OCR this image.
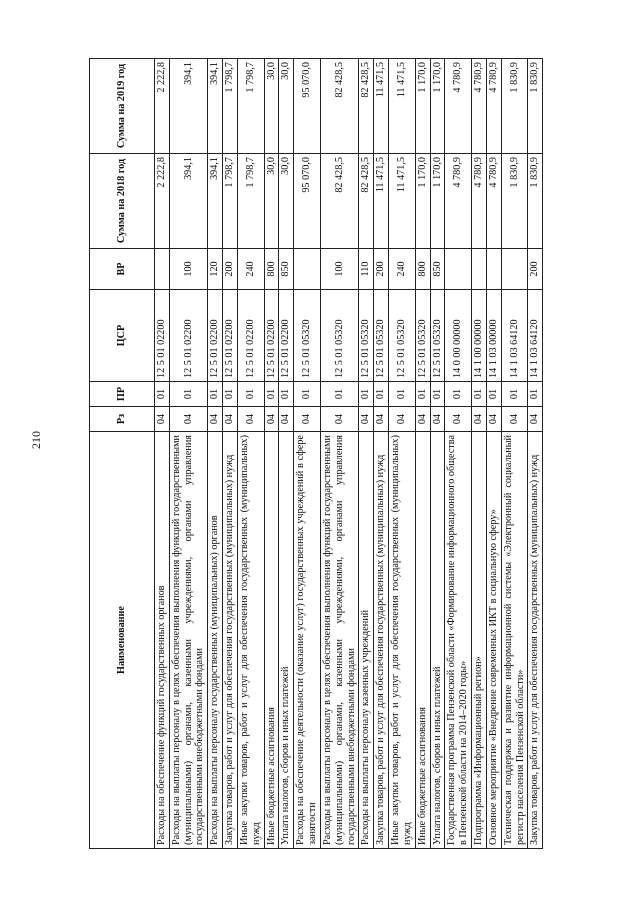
210
Наименование	Рз	ПР	ЦСР	ВР	Сумма на 2018 год	Сумма на 2019 год
Расходы на обеспечение функций государственных органов	04	01	12 5 01 02200		2 222,8	2 222,8
Расходы на выплаты персоналу в целях обеспечения выполнения функций государственными (муниципальными) органами, казенными учреждениями, органами управления государственными внебюджетными фондами	04	01	12 5 01 02200	100	394,1	394,1
Расходы на выплаты персоналу государственных (муниципальных) органов	04	01	12 5 01 02200	120	394,1	394,1
Закупка товаров, работ и услуг для обеспечения государственных (муниципальных) нужд	04	01	12 5 01 02200	200	1 798,7	1 798,7
Иные закупки товаров, работ и услуг для обеспечения государственных (муниципальных) нужд	04	01	12 5 01 02200	240	1 798,7	1 798,7
Иные бюджетные ассигнования	04	01	12 5 01 02200	800	30,0	30,0
Уплата налогов, сборов и иных платежей	04	01	12 5 01 02200	850	30,0	30,0
Расходы на обеспечение деятельности (оказание услуг) государственных учреждений в сфере занятости	04	01	12 5 01 05320		95 070,0	95 070,0
Расходы на выплаты персоналу в целях обеспечения выполнения функций государственными (муниципальными) органами, казенными учреждениями, органами управления государственными внебюджетными фондами	04	01	12 5 01 05320	100	82 428,5	82 428,5
Расходы на выплаты персоналу казенных учреждений	04	01	12 5 01 05320	110	82 428,5	82 428,5
Закупка товаров, работ и услуг для обеспечения государственных (муниципальных) нужд	04	01	12 5 01 05320	200	11 471,5	11 471,5
Иные закупки товаров, работ и услуг для обеспечения государственных (муниципальных) нужд	04	01	12 5 01 05320	240	11 471,5	11 471,5
Иные бюджетные ассигнования	04	01	12 5 01 05320	800	1 170,0	1 170,0
Уплата налогов, сборов и иных платежей	04	01	12 5 01 05320	850	1 170,0	1 170,0
Государственная программа Пензенской области «Формирование информационного общества в Пензенской области на 2014–2020 годы»	04	01	14 0 00 00000		4 780,9	4 780,9
Подпрограмма «Информационный регион»	04	01	14 1 00 00000		4 780,9	4 780,9
Основное мероприятие «Внедрение современных ИКТ в социальную сферу»	04	01	14 1 03 00000		4 780,9	4 780,9
Техническая поддержка и развитие информационной системы «Электронный социальный регистр населения Пензенской области»	04	01	14 1 03 64120		1 830,9	1 830,9
Закупка товаров, работ и услуг для обеспечения государственных (муниципальных) нужд	04	01	14 1 03 64120	200	1 830,9	1 830,9
